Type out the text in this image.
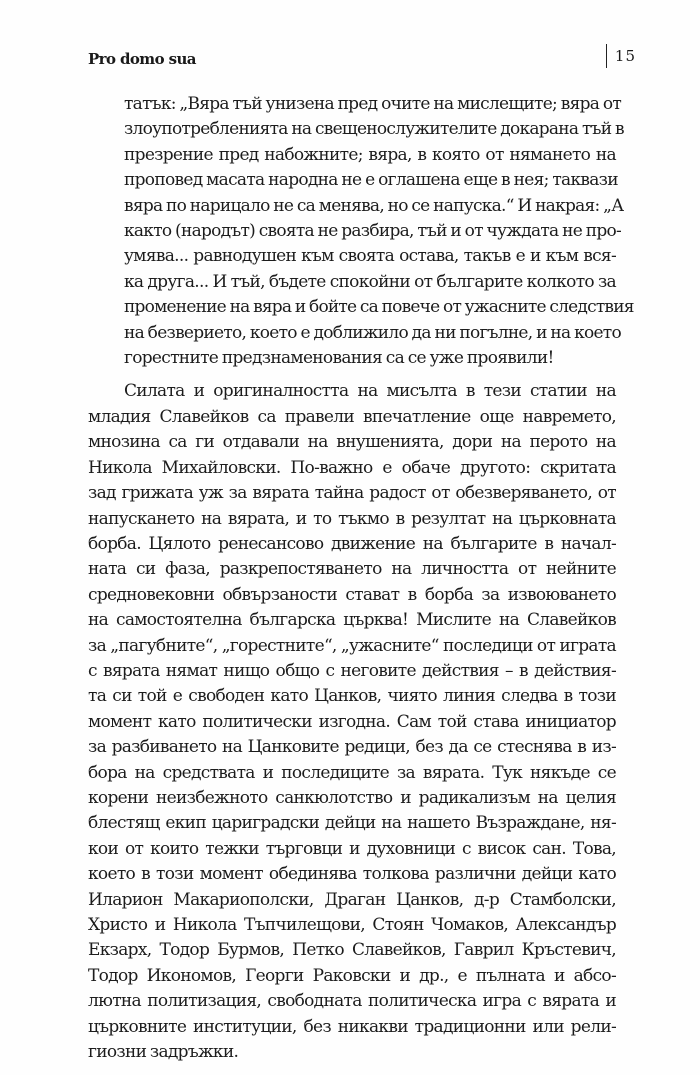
Pro domo sua	15
татък: „Вяра тъй унизена пред очите на мислещите; вяра от
злоупотребленията на свещенослужителите докарана тъй в
презрение пред набожните; вяра, в която от нямането на
проповед масата народна не е оглашена еще в нея; таквази
вяра по нарицало не са менява, но се напуска.“ И накрая: „А
както (народът) своята не разбира, тъй и от чуждата не про-
умява... равнодушен към своята остава, такъв е и към вся-
ка друга... И тъй, бъдете спокойни от българите колкото за
променение на вяра и бойте са повече от ужасните следствия
на безверието, което е доближило да ни погълне, и на което
горестните предзнаменования са се уже проявили!
Силата и оригиналността на мисълта в тези статии на
младия Славейков са правели впечатление още навремето,
мнозина са ги отдавали на внушенията, дори на перото на
Никола Михайловски. По-важно е обаче другото: скритата
зад грижата уж за вярата тайна радост от обезверяването, от
напускането на вярата, и то тъкмо в резултат на църковната
борба. Цялото ренесансово движение на българите в начал-
ната си фаза, разкрепостяването на личността от нейните
средновековни обвързаности стават в борба за извоюването
на самостоятелна българска църква! Мислите на Славейков
за „пагубните“, „горестните“, „ужасните“ последици от играта
с вярата нямат нищо общо с неговите действия – в действия-
та си той е свободен като Цанков, чиято линия следва в този
момент като политически изгодна. Сам той става инициатор
за разбиването на Цанковите редици, без да се стеснява в из-
бора на средствата и последиците за вярата. Тук някъде се
корени неизбежното санкюлотство и радикализъм на целия
блестящ екип цариградски дейци на нашето Възраждане, ня-
кои от които тежки търговци и духовници с висок сан. Това,
което в този момент обединява толкова различни дейци като
Иларион Макариополски, Драган Цанков, д-р Стамболски,
Христо и Никола Тъпчилещови, Стоян Чомаков, Александър
Екзарх, Тодор Бурмов, Петко Славейков, Гаврил Кръстевич,
Тодор Икономов, Георги Раковски и др., е пълната и абсо-
лютна политизация, свободната политическа игра с вярата и
църковните институции, без никакви традиционни или рели-
гиозни задръжки.
